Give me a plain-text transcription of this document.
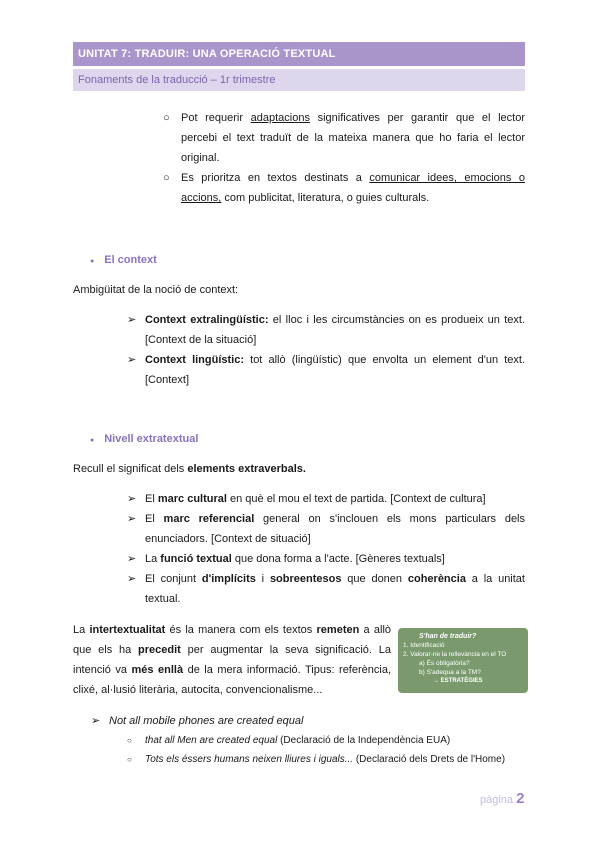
UNITAT 7: TRADUIR: UNA OPERACIÓ TEXTUAL
Fonaments de la traducció – 1r trimestre
○ Pot requerir adaptacions significatives per garantir que el lector percebi el text traduït de la mateixa manera que ho faria el lector original.
○ Es prioritza en textos destinats a comunicar idees, emocions o accions, com publicitat, literatura, o guies culturals.
● El context
Ambigüitat de la noció de context:
➢ Context extralingüístic: el lloc i les circumstàncies on es produeix un text. [Context de la situació]
➢ Context lingüístic: tot allò (lingüístic) que envolta un element d'un text. [Context]
● Nivell extratextual
Recull el significat dels elements extraverbals.
➢ El marc cultural en què el mou el text de partida. [Context de cultura]
➢ El marc referencial general on s'inclouen els mons particulars dels enunciadors. [Context de situació]
➢ La funció textual que dona forma a l'acte. [Gèneres textuals]
➢ El conjunt d'implícits i sobreentesos que donen coherència a la unitat textual.
La intertextualitat és la manera com els textos remeten a allò que els ha precedit per augmentar la seva significació. La intenció va més enllà de la mera informació. Tipus: referència, clixé, al·lusió literària, autocita, convencionalisme...
S'han de traduir?
1. Identificació
2. Valorar-ne la rellevància en el TO
a) És obligatòria?
b) S'adequa a la TM?
→ ESTRATÈGIES
➢ Not all mobile phones are created equal
○ that all Men are created equal (Declaració de la Independència EUA)
○ Tots els éssers humans neixen lliures i iguals... (Declaració dels Drets de l'Home)
pàgina 2
